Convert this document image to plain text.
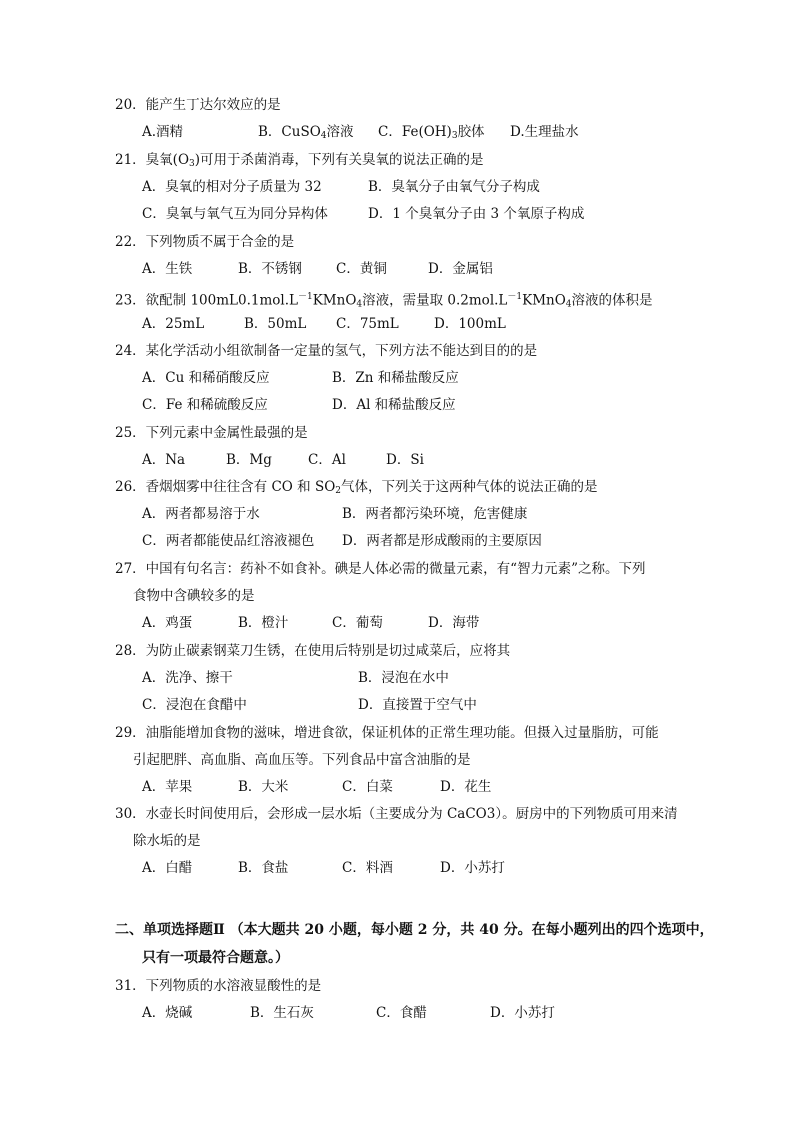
20．能产生丁达尔效应的是
A.酒精	B．CuSO$_4$溶液 C．$Fe(OH)_3$胶体 D.生理盐水
21．臭氧$(O_3)$可用于杀菌消毒，下列有关臭氧的说法正确的是
A．臭氧的相对分子质量为 32	B．臭氧分子由氧气分子构成
C．臭氧与氧气互为同分异构体	D．1 个臭氧分子由 3 个氧原子构成
22．下列物质不属于合金的是
A．生铁	B．不锈钢	C．黄铜	D．金属铝
23．欲配制 $100mL0.1mol.L^{-1}KMnO_4$溶液，需量取 $0.2mol.L^{-1}KMnO_4$溶液的体积是
A．25mL	B．50mL C．75mL	D．100mL
24．某化学活动小组欲制备一定量的氢气，下列方法不能达到目的的是
A．Cu 和稀硝酸反应	B．Zn 和稀盐酸反应
C．Fe 和稀硫酸反应	D．Al 和稀盐酸反应
25．下列元素中金属性最强的是
A．Na	B．Mg	C．Al	D．Si
26．香烟烟雾中往往含有 CO 和 $SO_2$气体，下列关于这两种气体的说法正确的是
A．两者都易溶于水	B．两者都污染环境，危害健康
C．两者都能使品红溶液褪色 D．两者都是形成酸雨的主要原因
27．中国有句名言：药补不如食补。碘是人体必需的微量元素，有“智力元素”之称。下列
食物中含碘较多的是
A．鸡蛋	B．橙汁	C．葡萄	D．海带
28．为防止碳素钢菜刀生锈，在使用后特别是切过咸菜后，应将其
A．洗净、擦干	B．浸泡在水中
C．浸泡在食醋中	D．直接置于空气中
29．油脂能增加食物的滋味，增进食欲，保证机体的正常生理功能。但摄入过量脂肪，可能
引起肥胖、高血脂、高血压等。下列食品中富含油脂的是
A．苹果	B．大米	C．白菜	D．花生
30．水壶长时间使用后，会形成一层水垢（主要成分为 CaCO3）。厨房中的下列物质可用来清
除水垢的是
A．白醋	B．食盐	C．料酒	D．小苏打
二、单项选择题Ⅱ （本大题共 20 小题，每小题 2 分，共 40 分。在每小题列出的四个选项中，
只有一项最符合题意。）
31．下列物质的水溶液显酸性的是
A．烧碱	B．生石灰	C．食醋	D．小苏打
